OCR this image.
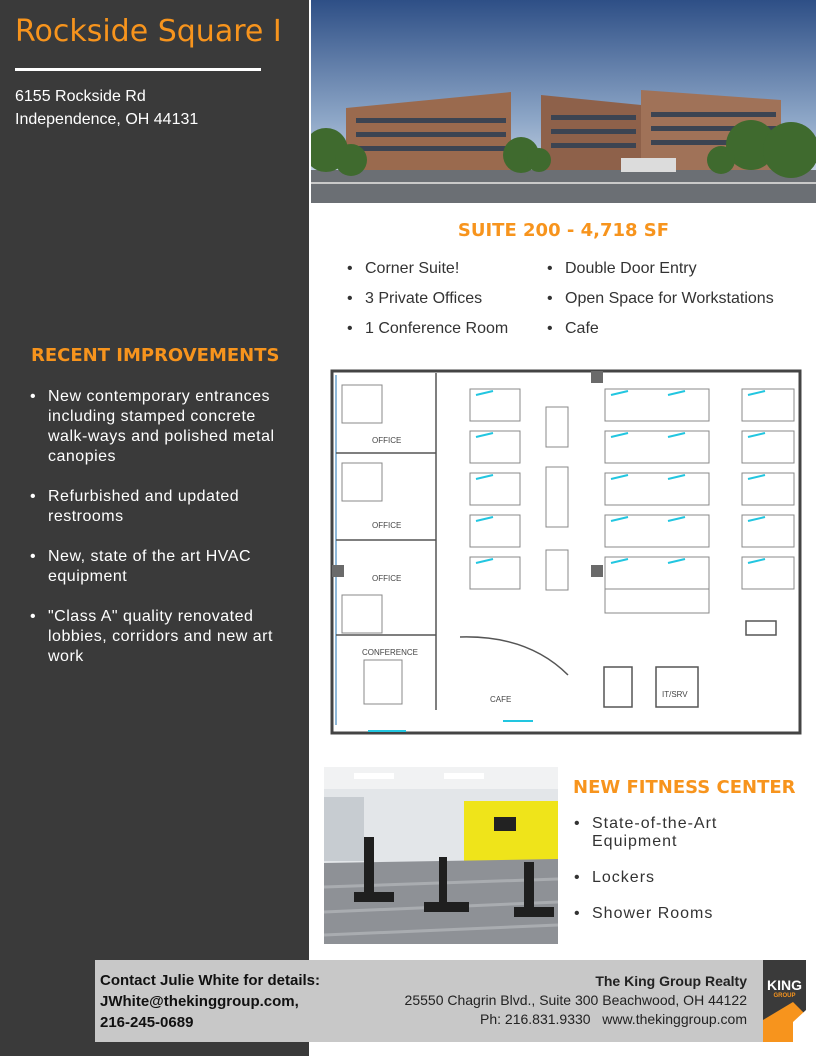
Rockside Square I
6155 Rockside Rd
Independence, OH 44131
RECENT IMPROVEMENTS
• New contemporary entrances including stamped concrete walk-ways and polished metal canopies
• Refurbished and updated restrooms
• New, state of the art HVAC equipment
• "Class A" quality renovated lobbies, corridors and new art work
SUITE 200 - 4,718 SF
• Corner Suite!
• 3 Private Offices
• 1 Conference Room
• Double Door Entry
• Open Space for Workstations
• Cafe
OFFICE
OFFICE
OFFICE
CONFERENCE
CAFE
IT/SRV
NEW FITNESS CENTER
• State-of-the-Art Equipment
• Lockers
• Shower Rooms
Contact Julie White for details:
JWhite@thekinggroup.com,
216-245-0689
The King Group Realty
25550 Chagrin Blvd., Suite 300 Beachwood, OH 44122
Ph: 216.831.9330 www.thekinggroup.com
KING
GROUP
